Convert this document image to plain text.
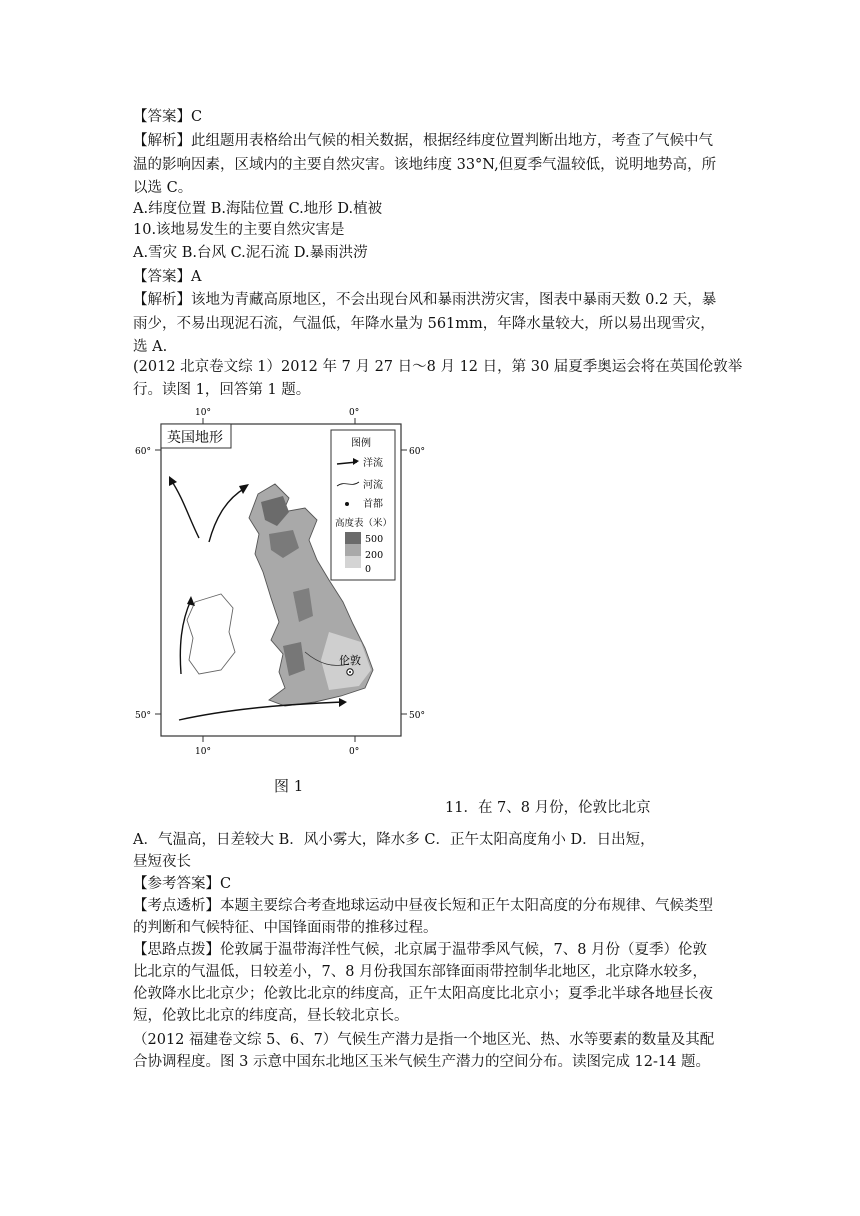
【答案】C
【解析】此组题用表格给出气候的相关数据，根据经纬度位置判断出地方，考查了气候中气
温的影响因素，区域内的主要自然灾害。该地纬度 33°N,但夏季气温较低，说明地势高，所
以选 C。
A.纬度位置 B.海陆位置 C.地形 D.植被
10.该地易发生的主要自然灾害是
A.雪灾 B.台风 C.泥石流 D.暴雨洪涝
【答案】A
【解析】该地为青藏高原地区，不会出现台风和暴雨洪涝灾害，图表中暴雨天数 0.2 天，暴
雨少，不易出现泥石流，气温低，年降水量为 561mm，年降水量较大，所以易出现雪灾，
选 A.
(2012 北京卷文综 1）2012 年 7 月 27 日～8 月 12 日，第 30 届夏季奥运会将在英国伦敦举
行。读图 1，回答第 1 题。
10°	0°
10°	0°
60°	60°
50°	50°
英国地形
伦敦
图例
洋流
河流
首都
高度表（米）
500
200
0
图 1
11．在 7、8 月份，伦敦比北京
A．气温高，日差较大 B．风小雾大，降水多 C．正午太阳高度角小 D．日出短，
昼短夜长
【参考答案】C
【考点透析】本题主要综合考查地球运动中昼夜长短和正午太阳高度的分布规律、气候类型
的判断和气候特征、中国锋面雨带的推移过程。
【思路点拨】伦敦属于温带海洋性气候，北京属于温带季风气候，7、8 月份（夏季）伦敦
比北京的气温低，日较差小，7、8 月份我国东部锋面雨带控制华北地区，北京降水较多，
伦敦降水比北京少；伦敦比北京的纬度高，正午太阳高度比北京小；夏季北半球各地昼长夜
短，伦敦比北京的纬度高，昼长较北京长。
（2012 福建卷文综 5、6、7）气候生产潜力是指一个地区光、热、水等要素的数量及其配
合协调程度。图 3 示意中国东北地区玉米气候生产潜力的空间分布。读图完成 12-14 题。
